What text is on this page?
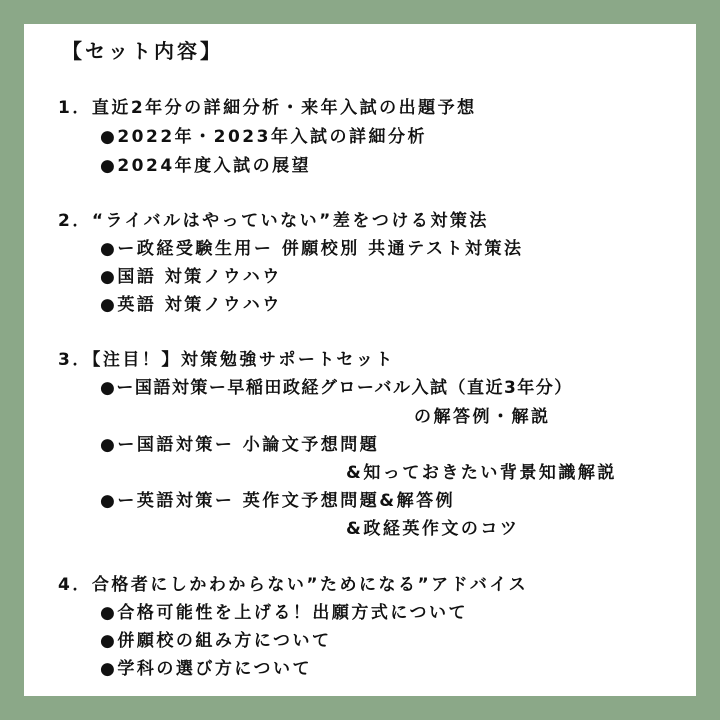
【セット内容】
1．直近2年分の詳細分析・来年入試の出題予想
●2022年・2023年入試の詳細分析
●2024年度入試の展望
2．“ライバルはやっていない”差をつける対策法
●ー政経受験生用ー 併願校別 共通テスト対策法
●国語 対策ノウハウ
●英語 対策ノウハウ
3．【注目！】対策勉強サポートセット
●ー国語対策ー早稲田政経グローバル入試（直近3年分）
の解答例・解説
●ー国語対策ー 小論文予想問題
&知っておきたい背景知識解説
●ー英語対策ー 英作文予想問題&解答例
&政経英作文のコツ
4．合格者にしかわからない”ためになる”アドバイス
●合格可能性を上げる！出願方式について
●併願校の組み方について
●学科の選び方について
